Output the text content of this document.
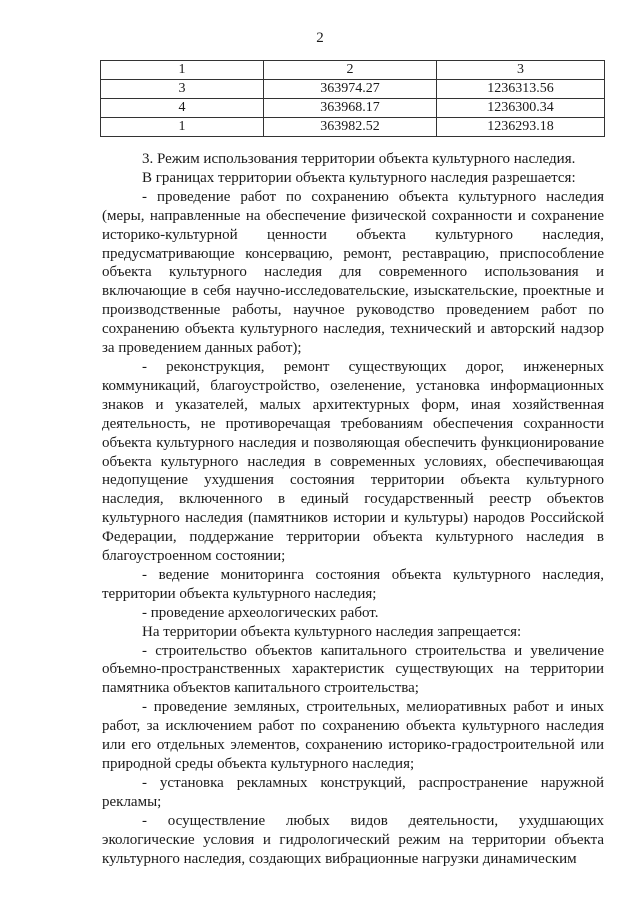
2
1	2	3
3	363974.27	1236313.56
4	363968.17	1236300.34
1	363982.52	1236293.18

3. Режим использования территории объекта культурного наследия.

В границах территории объекта культурного наследия разрешается:

- проведение работ по сохранению объекта культурного наследия (меры, направленные на обеспечение физической сохранности и сохранение историко-культурной ценности объекта культурного наследия, предусматривающие консервацию, ремонт, реставрацию, приспособление объекта культурного наследия для современного использования и включающие в себя научно-исследовательские, изыскательские, проектные и производственные работы, научное руководство проведением работ по сохранению объекта культурного наследия, технический и авторский надзор за проведением данных работ);

- реконструкция, ремонт существующих дорог, инженерных коммуникаций, благоустройство, озеленение, установка информационных знаков и указателей, малых архитектурных форм, иная хозяйственная деятельность, не противоречащая требованиям обеспечения сохранности объекта культурного наследия и позволяющая обеспечить функционирование объекта культурного наследия в современных условиях, обеспечивающая недопущение ухудшения состояния территории объекта культурного наследия, включенного в единый государственный реестр объектов культурного наследия (памятников истории и культуры) народов Российской Федерации, поддержание территории объекта культурного наследия в благоустроенном состоянии;

- ведение мониторинга состояния объекта культурного наследия, территории объекта культурного наследия;

- проведение археологических работ.

На территории объекта культурного наследия запрещается:

- строительство объектов капитального строительства и увеличение объемно-пространственных характеристик существующих на территории памятника объектов капитального строительства;

- проведение земляных, строительных, мелиоративных работ и иных работ, за исключением работ по сохранению объекта культурного наследия или его отдельных элементов, сохранению историко-градостроительной или природной среды объекта культурного наследия;

- установка рекламных конструкций, распространение наружной рекламы;

- осуществление любых видов деятельности, ухудшающих экологические условия и гидрологический режим на территории объекта культурного наследия, создающих вибрационные нагрузки динамическим
